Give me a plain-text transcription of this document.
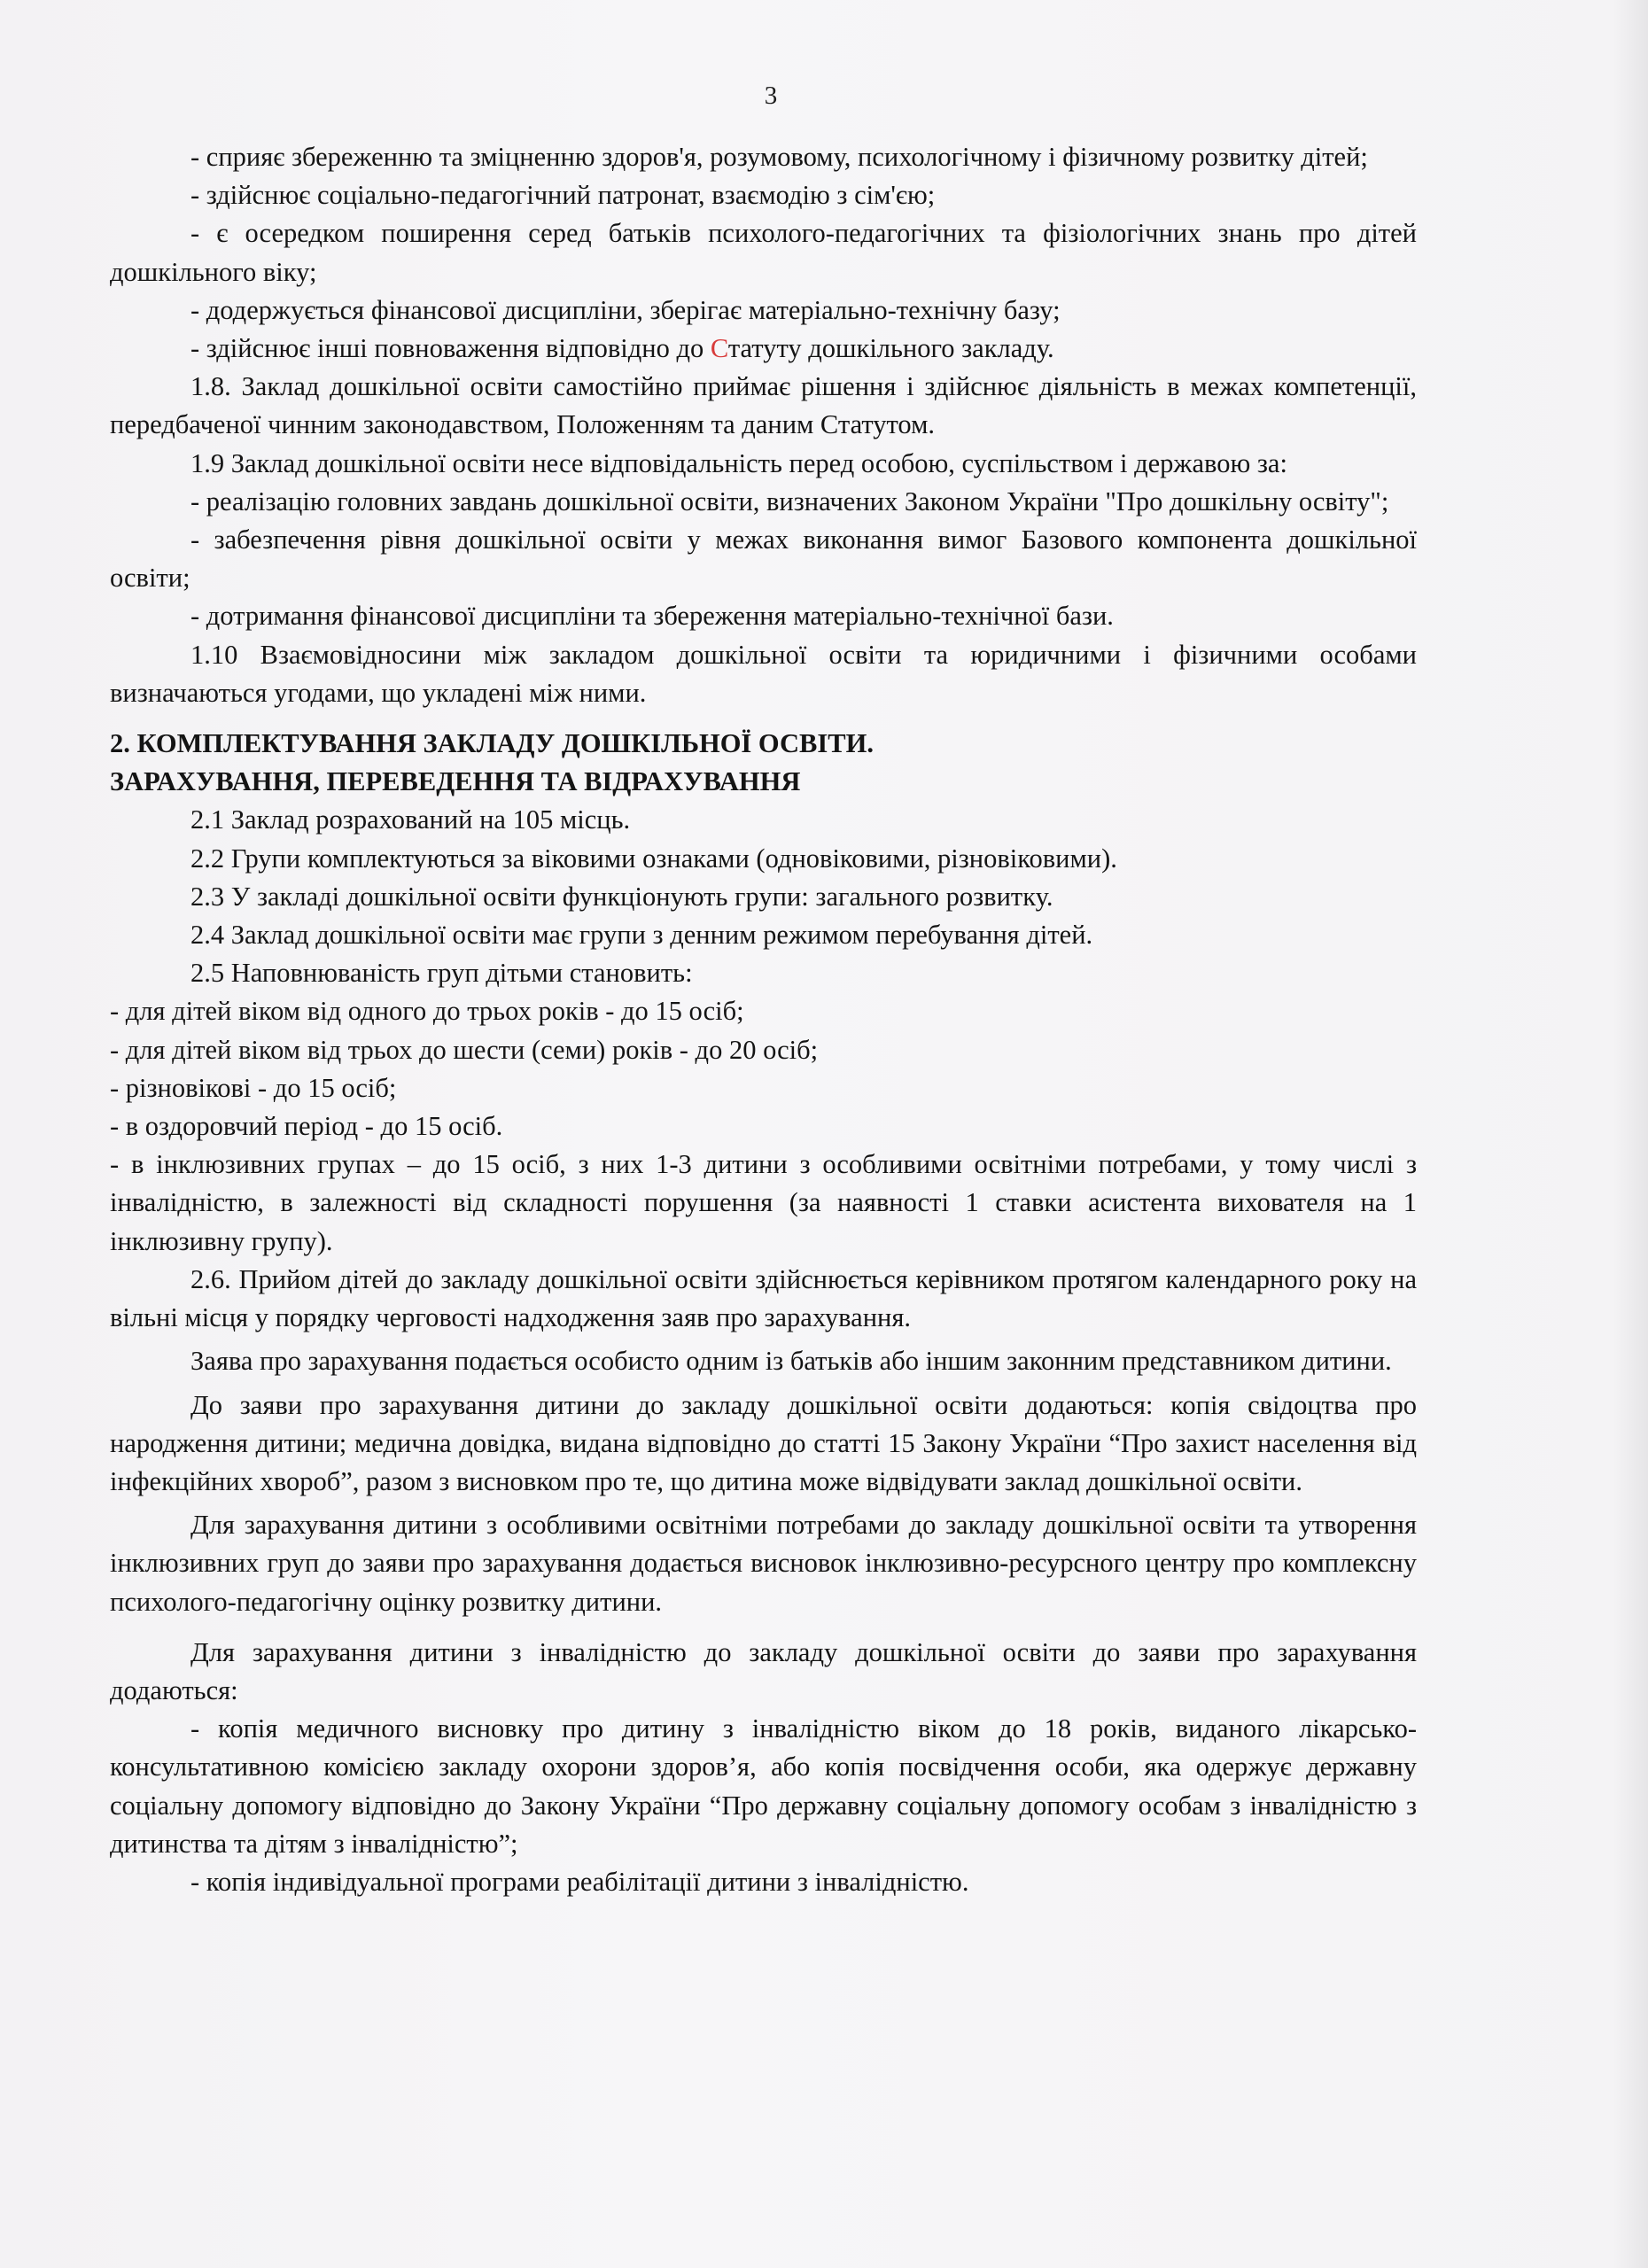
3

- сприяє збереженню та зміцненню здоров'я, розумовому, психологічному і фізичному розвитку дітей;

- здійснює соціально-педагогічний патронат, взаємодію з сім'єю;

- є осередком поширення серед батьків психолого-педагогічних та фізіологічних знань про дітей дошкільного віку;

- додержується фінансової дисципліни, зберігає матеріально-технічну базу;

- здійснює інші повноваження відповідно до Статуту дошкільного закладу.

1.8. Заклад дошкільної освіти самостійно приймає рішення і здійснює діяльність в межах компетенції, передбаченої чинним законодавством, Положенням та даним Статутом.

1.9 Заклад дошкільної освіти несе відповідальність перед особою, суспільством і державою за:

- реалізацію головних завдань дошкільної освіти, визначених Законом України "Про дошкільну освіту";

- забезпечення рівня дошкільної освіти у межах виконання вимог Базового компонента дошкільної освіти;

- дотримання фінансової дисципліни та збереження матеріально-технічної бази.

1.10 Взаємовідносини між закладом дошкільної освіти та юридичними і фізичними особами визначаються угодами, що укладені між ними.

2. КОМПЛЕКТУВАННЯ ЗАКЛАДУ ДОШКІЛЬНОЇ ОСВІТИ.

ЗАРАХУВАННЯ, ПЕРЕВЕДЕННЯ ТА ВІДРАХУВАННЯ

2.1 Заклад розрахований на 105 місць.

2.2 Групи комплектуються за віковими ознаками (одновіковими, різновіковими).

2.3 У закладі дошкільної освіти функціонують групи: загального розвитку.

2.4 Заклад дошкільної освіти має групи з денним режимом перебування дітей.

2.5 Наповнюваність груп дітьми становить:

- для дітей віком від одного до трьох років - до 15 осіб;

- для дітей віком від трьох до шести (семи) років - до 20 осіб;

- різновікові - до 15 осіб;

- в оздоровчий період - до 15 осіб.

- в інклюзивних групах – до 15 осіб, з них 1-3 дитини з особливими освітніми потребами, у тому числі з інвалідністю, в залежності від складності порушення (за наявності 1 ставки асистента вихователя на 1 інклюзивну групу).

2.6. Прийом дітей до закладу дошкільної освіти здійснюється керівником протягом календарного року на вільні місця у порядку черговості надходження заяв про зарахування.

Заява про зарахування подається особисто одним із батьків або іншим законним представником дитини.

До заяви про зарахування дитини до закладу дошкільної освіти додаються: копія свідоцтва про народження дитини; медична довідка, видана відповідно до статті 15 Закону України “Про захист населення від інфекційних хвороб”, разом з висновком про те, що дитина може відвідувати заклад дошкільної освіти.

Для зарахування дитини з особливими освітніми потребами до закладу дошкільної освіти та утворення інклюзивних груп до заяви про зарахування додається висновок інклюзивно-ресурсного центру про комплексну психолого-педагогічну оцінку розвитку дитини.

Для зарахування дитини з інвалідністю до закладу дошкільної освіти до заяви про зарахування додаються:

- копія медичного висновку про дитину з інвалідністю віком до 18 років, виданого лікарсько-консультативною комісією закладу охорони здоров’я, або копія посвідчення особи, яка одержує державну соціальну допомогу відповідно до Закону України “Про державну соціальну допомогу особам з інвалідністю з дитинства та дітям з інвалідністю”;

- копія індивідуальної програми реабілітації дитини з інвалідністю.
